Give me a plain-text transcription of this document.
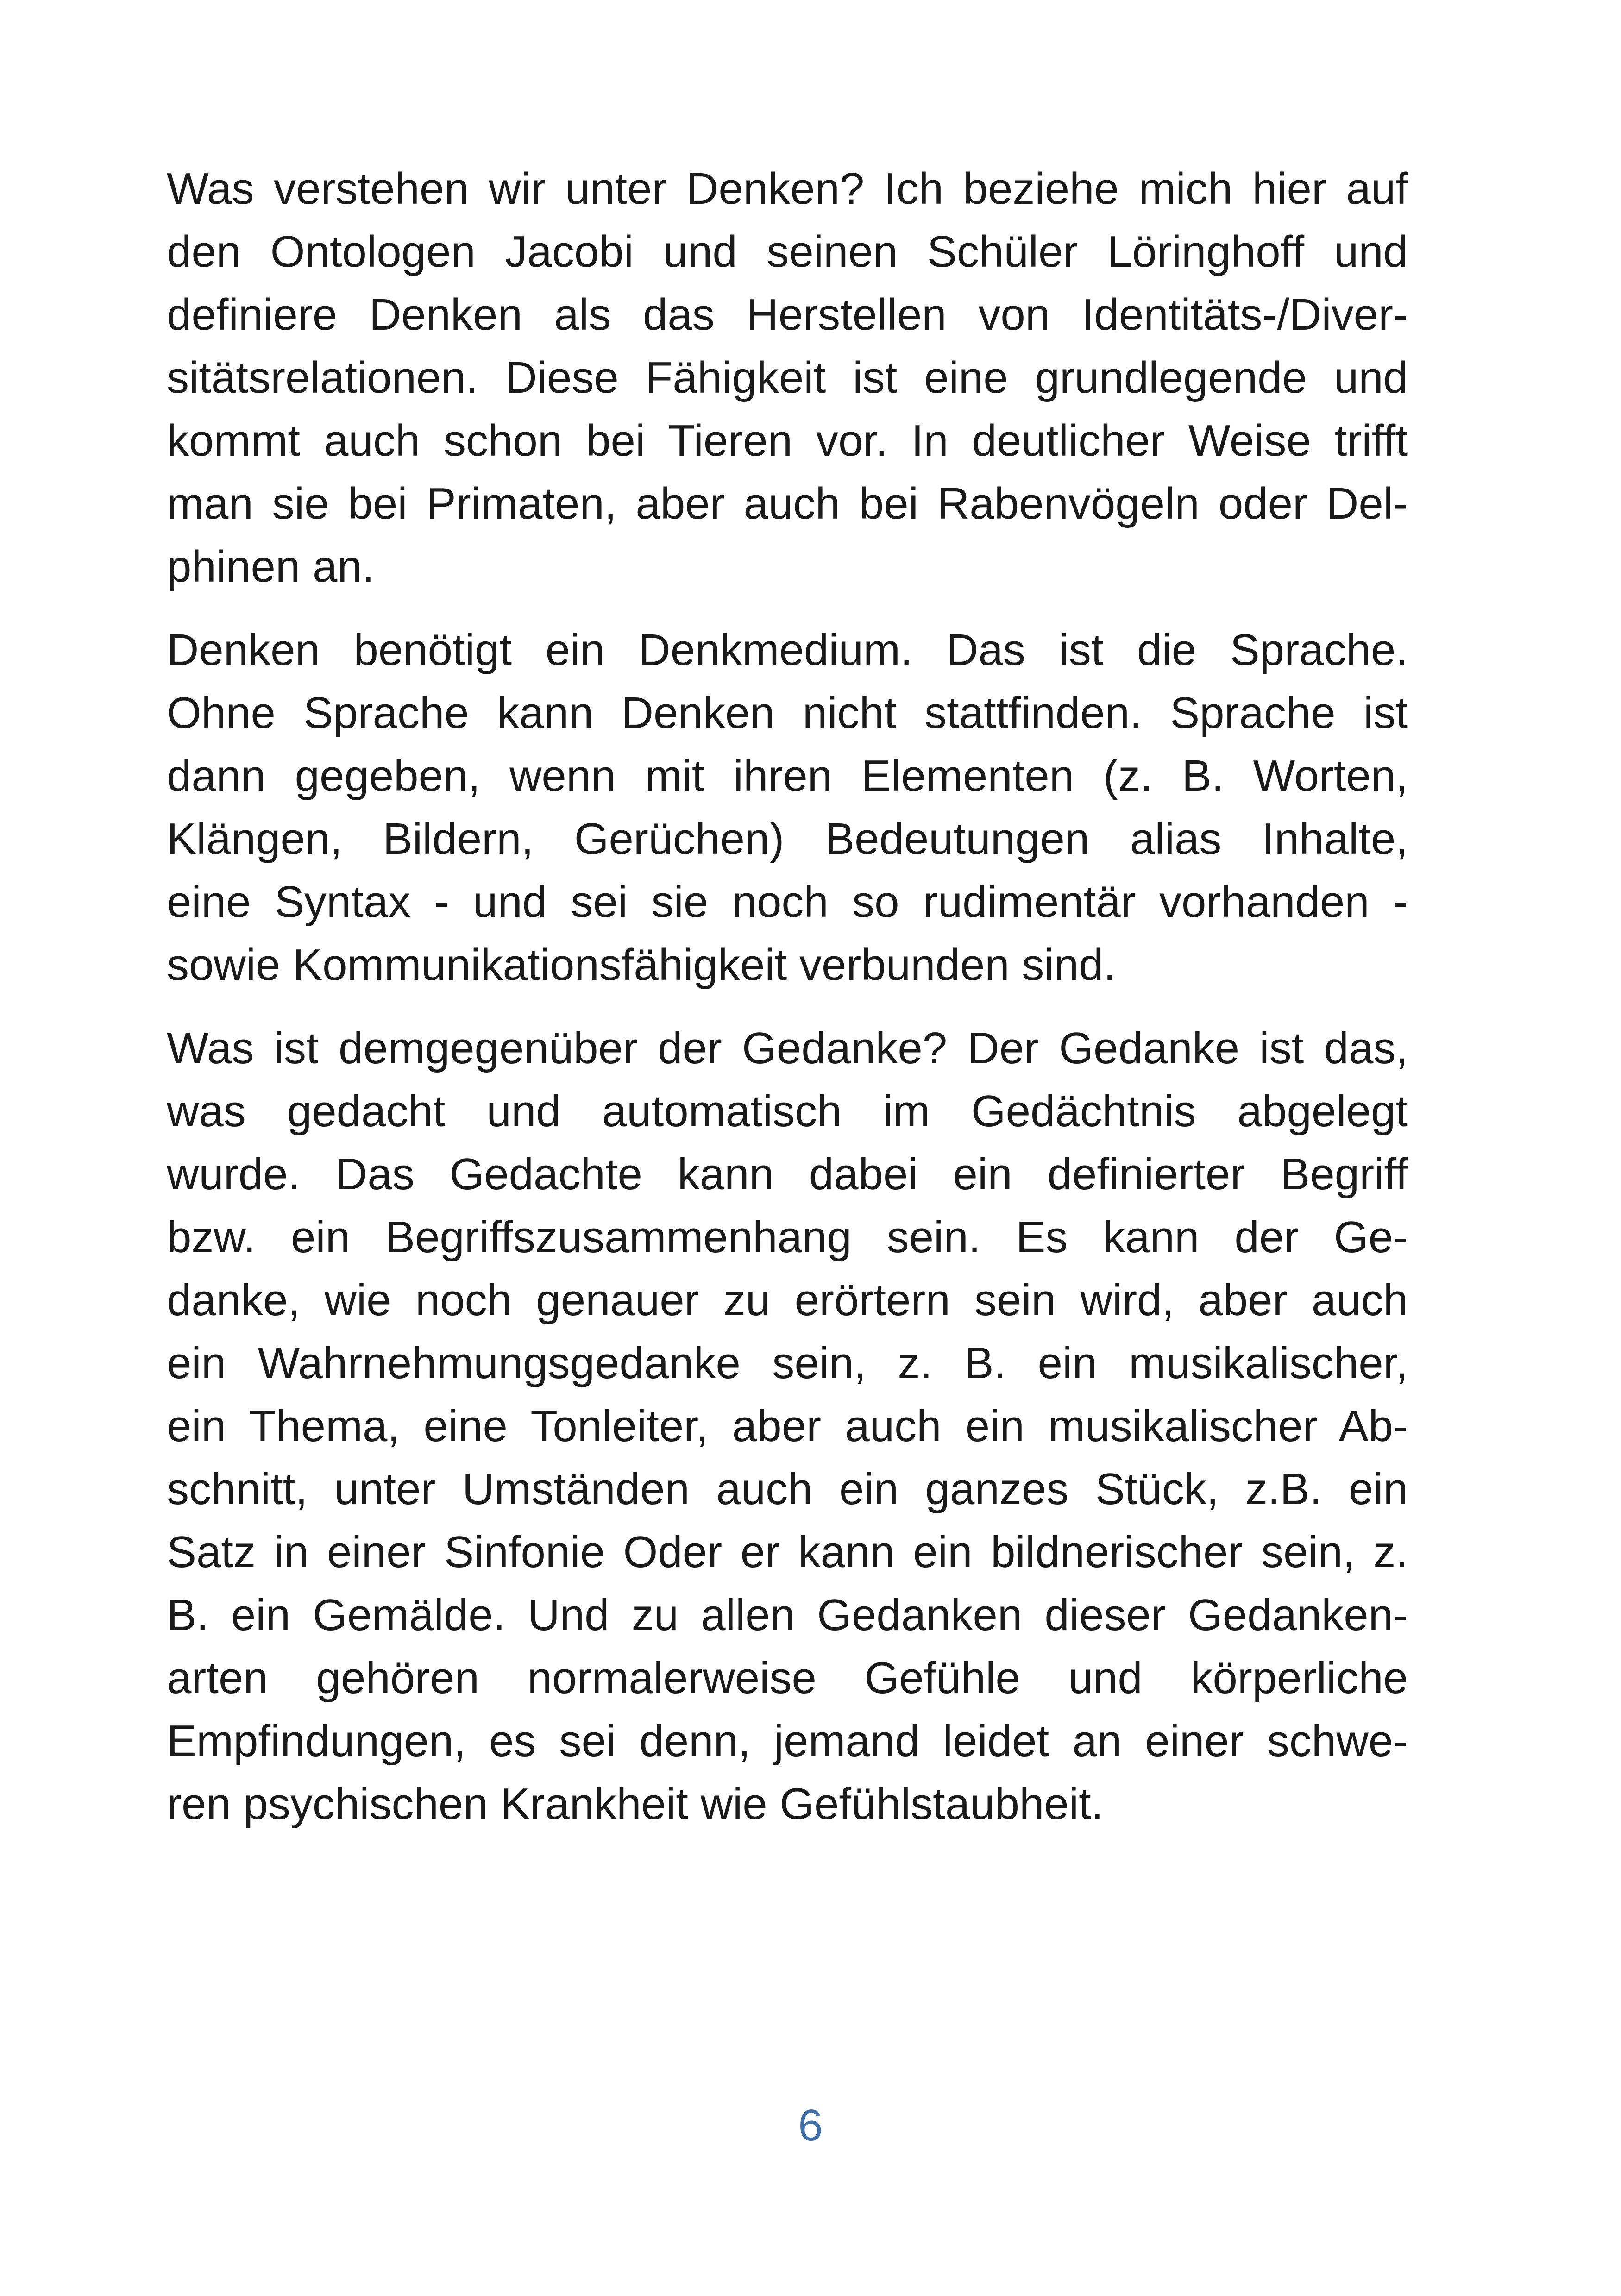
Was verstehen wir unter Denken? Ich beziehe mich hier auf
den Ontologen Jacobi und seinen Schüler Löringhoff und
definiere Denken als das Herstellen von Identitäts-/Diver-
sitätsrelationen. Diese Fähigkeit ist eine grundlegende und
kommt auch schon bei Tieren vor. In deutlicher Weise trifft
man sie bei Primaten, aber auch bei Rabenvögeln oder Del-
phinen an.

Denken benötigt ein Denkmedium. Das ist die Sprache.
Ohne Sprache kann Denken nicht stattfinden. Sprache ist
dann gegeben, wenn mit ihren Elementen (z. B. Worten,
Klängen, Bildern, Gerüchen) Bedeutungen alias Inhalte,
eine Syntax - und sei sie noch so rudimentär vorhanden -
sowie Kommunikationsfähigkeit verbunden sind.

Was ist demgegenüber der Gedanke? Der Gedanke ist das,
was gedacht und automatisch im Gedächtnis abgelegt
wurde. Das Gedachte kann dabei ein definierter Begriff
bzw. ein Begriffszusammenhang sein. Es kann der Ge-
danke, wie noch genauer zu erörtern sein wird, aber auch
ein Wahrnehmungsgedanke sein, z. B. ein musikalischer,
ein Thema, eine Tonleiter, aber auch ein musikalischer Ab-
schnitt, unter Umständen auch ein ganzes Stück, z.B. ein
Satz in einer Sinfonie Oder er kann ein bildnerischer sein, z.
B. ein Gemälde. Und zu allen Gedanken dieser Gedanken-
arten gehören normalerweise Gefühle und körperliche
Empfindungen, es sei denn, jemand leidet an einer schwe-
ren psychischen Krankheit wie Gefühlstaubheit.

6
